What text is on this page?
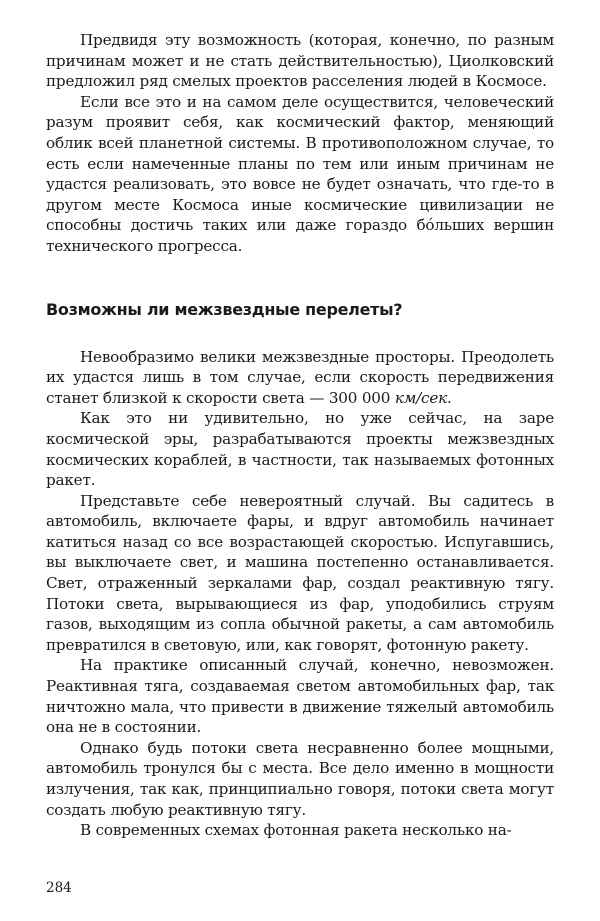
Предвидя эту возможность (которая, конечно, по разным причинам может и не стать действительностью), Циолковский предложил ряд смелых проектов расселения людей в Космосе.

Если все это и на самом деле осуществится, человеческий разум проявит себя, как космический фактор, меняющий облик всей планетной системы. В противоположном случае, то есть если намеченные планы по тем или иным причинам не удастся реализовать, это вовсе не будет означать, что где-то в другом месте Космоса иные космические цивилизации не способны достичь таких или даже гораздо бо́льших вершин технического прогресса.

Возможны ли межзвездные перелеты?

Невообразимо велики межзвездные просторы. Преодолеть их удастся лишь в том случае, если скорость передвижения станет близкой к скорости света — 300 000 км/сек.

Как это ни удивительно, но уже сейчас, на заре космической эры, разрабатываются проекты межзвездных космических кораблей, в частности, так называемых фотонных ракет.

Представьте себе невероятный случай. Вы садитесь в автомобиль, включаете фары, и вдруг автомобиль начинает катиться назад со все возрастающей скоростью. Испугавшись, вы выключаете свет, и машина постепенно останавливается. Свет, отраженный зеркалами фар, создал реактивную тягу. Потоки света, вырывающиеся из фар, уподобились струям газов, выходящим из сопла обычной ракеты, а сам автомобиль превратился в световую, или, как говорят, фотонную ракету.

На практике описанный случай, конечно, невозможен. Реактивная тяга, создаваемая светом автомобильных фар, так ничтожно мала, что привести в движение тяжелый автомобиль она не в состоянии.

Однако будь потоки света несравненно более мощными, автомобиль тронулся бы с места. Все дело именно в мощности излучения, так как, принципиально говоря, потоки света могут создать любую реактивную тягу.

В современных схемах фотонная ракета несколько на-

284
